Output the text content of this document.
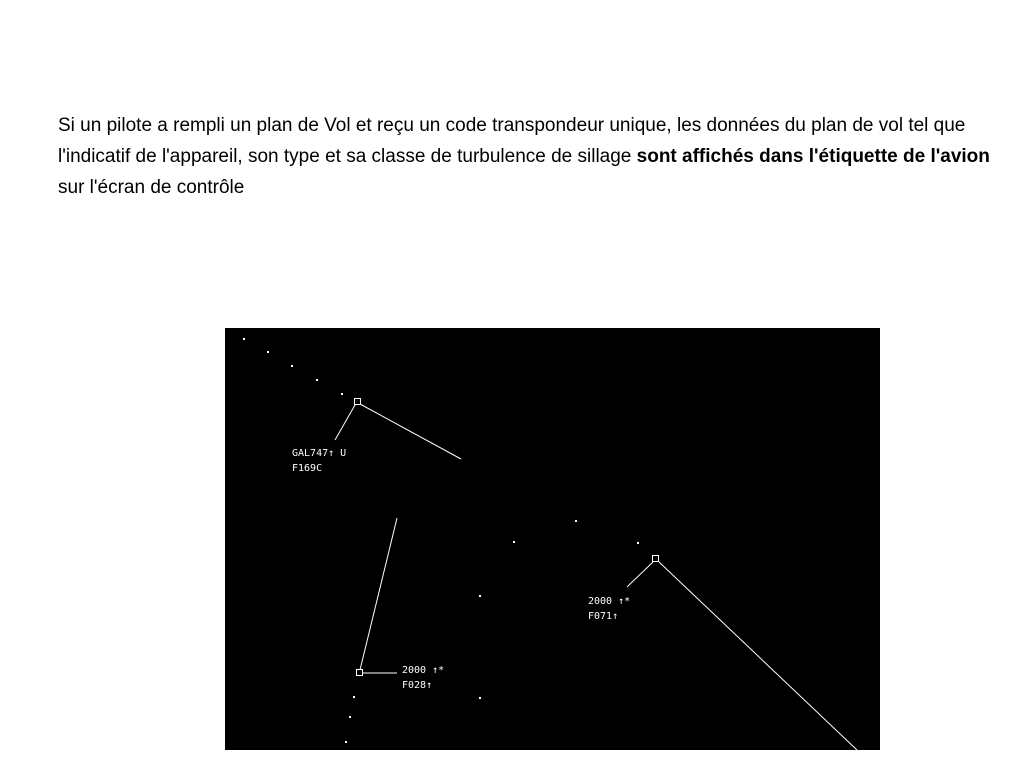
Si un pilote a rempli un plan de Vol et reçu un code transpondeur unique, les données du plan de vol tel que l'indicatif de l'appareil, son type et sa classe de turbulence de sillage sont affichés dans l'étiquette de l'avion sur l'écran de contrôle

GAL747↑ U
F169C
2000 ↑*
F071↑
2000 ↑*
F028↑
